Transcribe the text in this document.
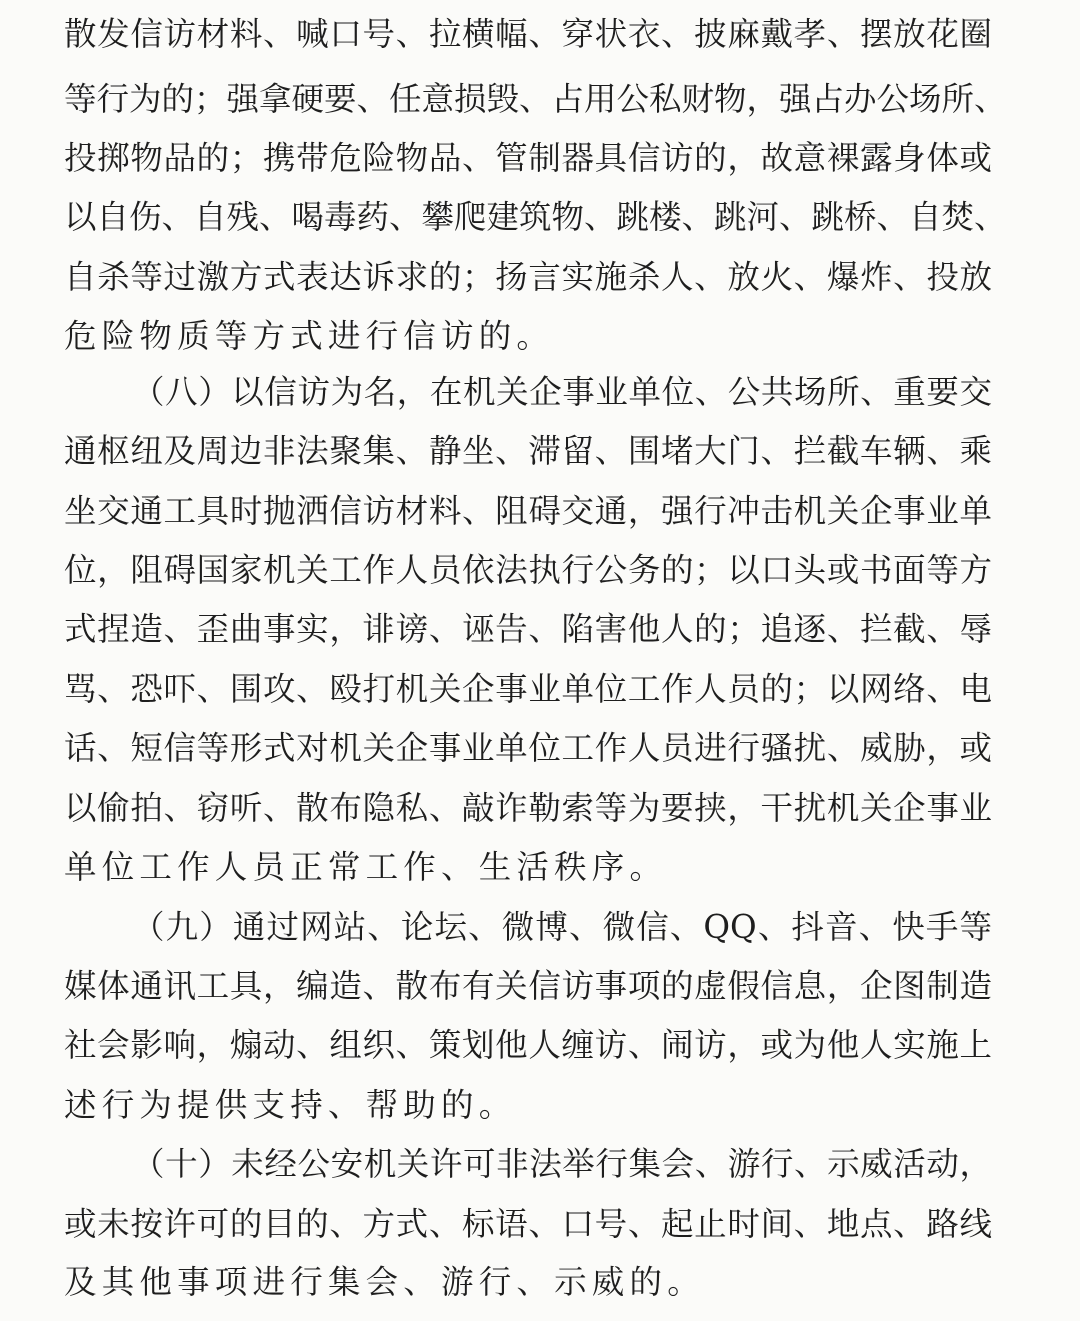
散发信访材料、喊口号、拉横幅、穿状衣、披麻戴孝、摆放花圈
等行为的；强拿硬要、任意损毁、占用公私财物，强占办公场所、
投掷物品的；携带危险物品、管制器具信访的，故意裸露身体或
以自伤、自残、喝毒药、攀爬建筑物、跳楼、跳河、跳桥、自焚、
自杀等过激方式表达诉求的；扬言实施杀人、放火、爆炸、投放
危险物质等方式进行信访的。
（八）以信访为名，在机关企事业单位、公共场所、重要交
通枢纽及周边非法聚集、静坐、滞留、围堵大门、拦截车辆、乘
坐交通工具时抛洒信访材料、阻碍交通，强行冲击机关企事业单
位，阻碍国家机关工作人员依法执行公务的；以口头或书面等方
式捏造、歪曲事实，诽谤、诬告、陷害他人的；追逐、拦截、辱
骂、恐吓、围攻、殴打机关企事业单位工作人员的；以网络、电
话、短信等形式对机关企事业单位工作人员进行骚扰、威胁，或
以偷拍、窃听、散布隐私、敲诈勒索等为要挟，干扰机关企事业
单位工作人员正常工作、生活秩序。
（九）通过网站、论坛、微博、微信、QQ、抖音、快手等
媒体通讯工具，编造、散布有关信访事项的虚假信息，企图制造
社会影响，煽动、组织、策划他人缠访、闹访，或为他人实施上
述行为提供支持、帮助的。
（十）未经公安机关许可非法举行集会、游行、示威活动，
或未按许可的目的、方式、标语、口号、起止时间、地点、路线
及其他事项进行集会、游行、示威的。
